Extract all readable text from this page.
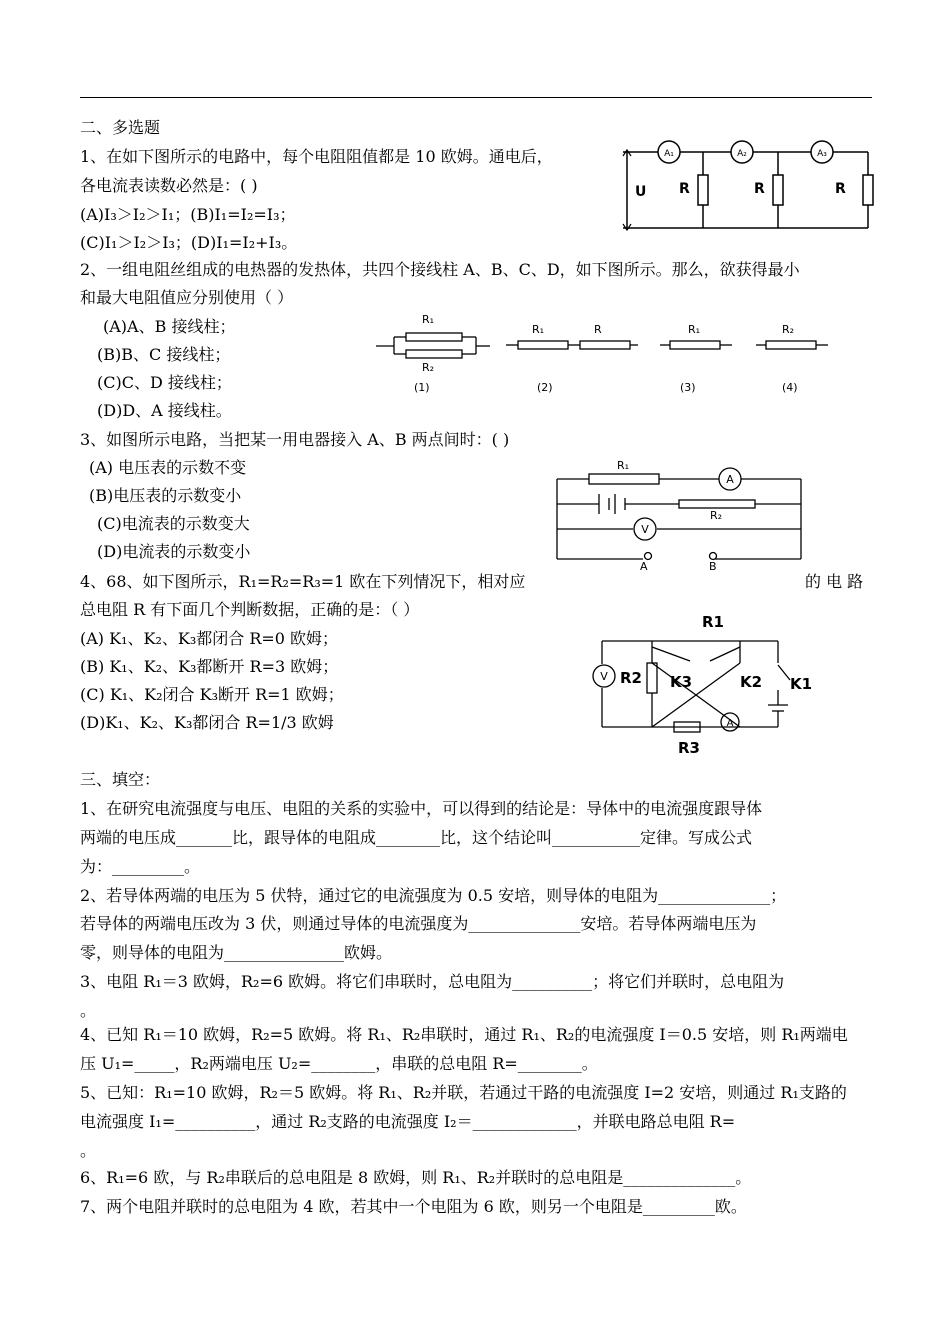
二、多选题
1、在如下图所示的电路中，每个电阻阻值都是 10 欧姆。通电后，
各电流表读数必然是：( )
(A)I₃＞I₂＞I₁；(B)I₁=I₂=I₃；
(C)I₁＞I₂＞I₃；(D)I₁=I₂+I₃。
U R	R	R
A₁	A₂	A₃
2、一组电阻丝组成的电热器的发热体，共四个接线柱 A、B、C、D，如下图所示。那么，欲获得最小
和最大电阻值应分别使用（ ）
(A)A、B 接线柱；
(B)B、C 接线柱；
(C)C、D 接线柱；
(D)D、A 接线柱。
R₁
R₂
R₁	R	R₁	R₂
(1)	(2)	(3)	(4)
3、如图所示电路，当把某一用电器接入 A、B 两点间时：( )
(A) 电压表的示数不变
(B)电压表的示数变小
(C)电流表的示数变大
(D)电流表的示数变小
R₁
R₂
A
V
A	B
4、68、如下图所示，R₁=R₂=R₃=1 欧在下列情况下，相对应	的 电 路
总电阻 R 有下面几个判断数据，正确的是：（ ）
(A) K₁、K₂、K₃都闭合 R=0 欧姆；
(B) K₁、K₂、K₃都断开 R=3 欧姆；
(C) K₁、K₂闭合 K₃断开 R=1 欧姆；
(D)K₁、K₂、K₃都闭合 R=1/3 欧姆
R1
R2
R3
K1
K2
K3
V
A
三、填空：
1、在研究电流强度与电压、电阻的关系的实验中，可以得到的结论是：导体中的电流强度跟导体
两端的电压成_______比，跟导体的电阻成________比，这个结论叫___________定律。写成公式
为：_________。
2、若导体两端的电压为 5 伏特，通过它的电流强度为 0.5 安培，则导体的电阻为______________；
若导体的两端电压改为 3 伏，则通过导体的电流强度为______________安培。若导体两端电压为
零，则导体的电阻为_______________欧姆。
3、电阻 R₁＝3 欧姆，R₂=6 欧姆。将它们串联时，总电阻为__________；将它们并联时，总电阻为
。
4、已知 R₁＝10 欧姆，R₂=5 欧姆。将 R₁、R₂串联时，通过 R₁、R₂的电流强度 I＝0.5 安培，则 R₁两端电
压 U₁=_____，R₂两端电压 U₂=________，串联的总电阻 R=________。
5、已知：R₁=10 欧姆，R₂＝5 欧姆。将 R₁、R₂并联，若通过干路的电流强度 I=2 安培，则通过 R₁支路的
电流强度 I₁=__________，通过 R₂支路的电流强度 I₂＝_____________，并联电路总电阻 R=
。
6、R₁=6 欧，与 R₂串联后的总电阻是 8 欧姆，则 R₁、R₂并联时的总电阻是______________。
7、两个电阻并联时的总电阻为 4 欧，若其中一个电阻为 6 欧，则另一个电阻是_________欧。
